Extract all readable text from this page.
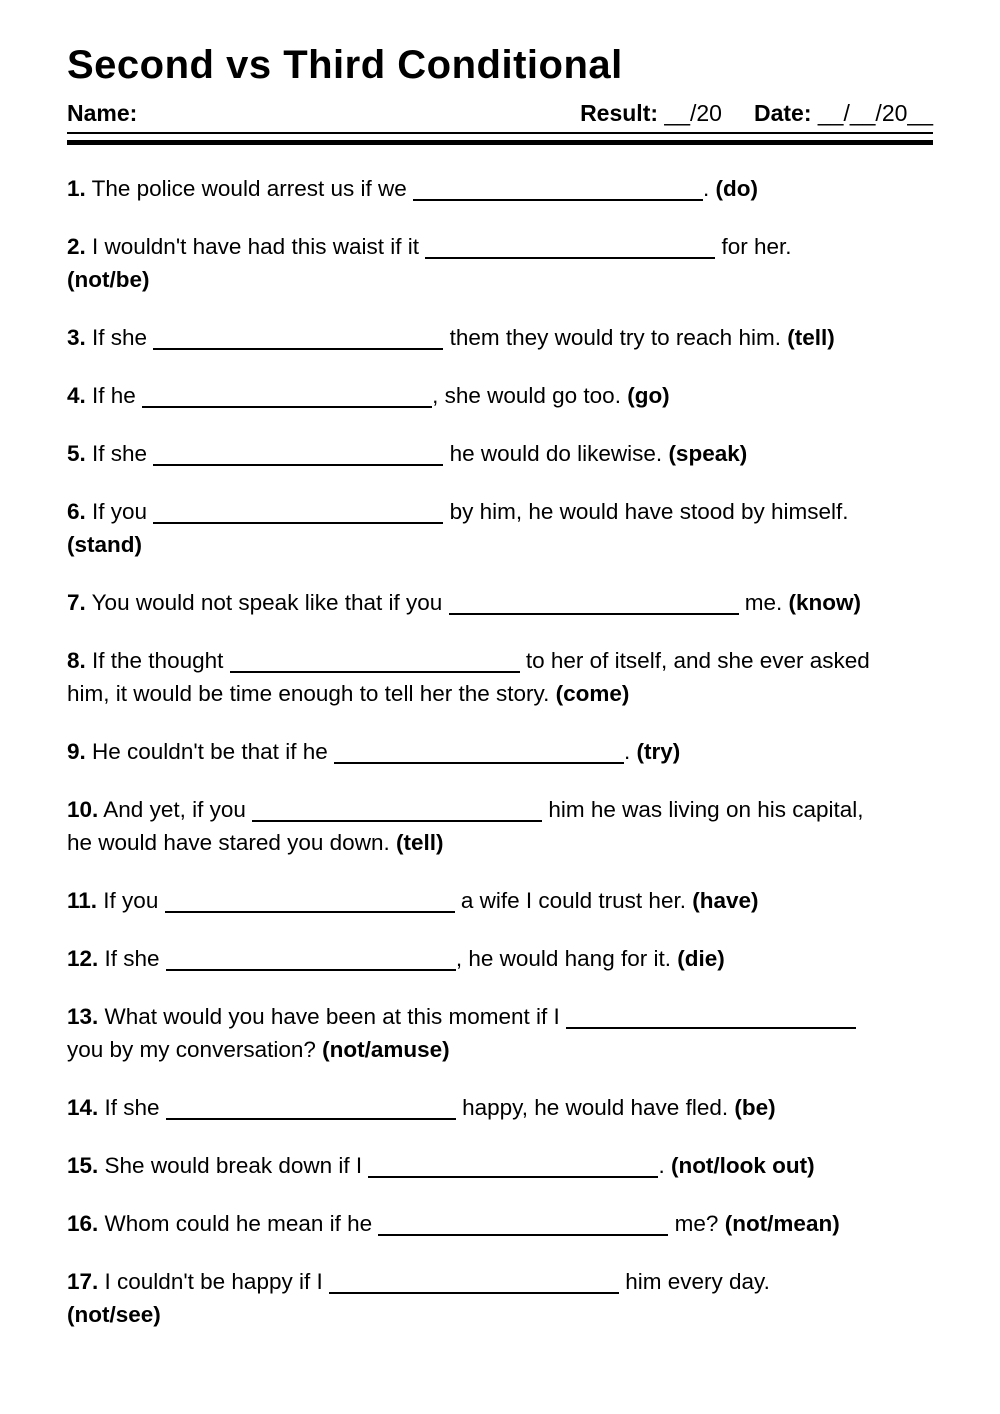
Second vs Third Conditional
Name:	Result: __/20 Date: __/__/20__
1. The police would arrest us if we	. (do)
2. I wouldn't have had this waist if it	for her.
(not/be)
3. If she	them they would try to reach him. (tell)
4. If he	, she would go too. (go)
5. If she	he would do likewise. (speak)
6. If you	by him, he would have stood by himself.
(stand)
7. You would not speak like that if you	me. (know)
8. If the thought	to her of itself, and she ever asked
him, it would be time enough to tell her the story. (come)
9. He couldn't be that if he	. (try)
10. And yet, if you	him he was living on his capital,
he would have stared you down. (tell)
11. If you	a wife I could trust her. (have)
12. If she	, he would hang for it. (die)
13. What would you have been at this moment if I
you by my conversation? (not/amuse)
14. If she	happy, he would have fled. (be)
15. She would break down if I	. (not/look out)
16. Whom could he mean if he	me? (not/mean)
17. I couldn't be happy if I	him every day.
(not/see)
